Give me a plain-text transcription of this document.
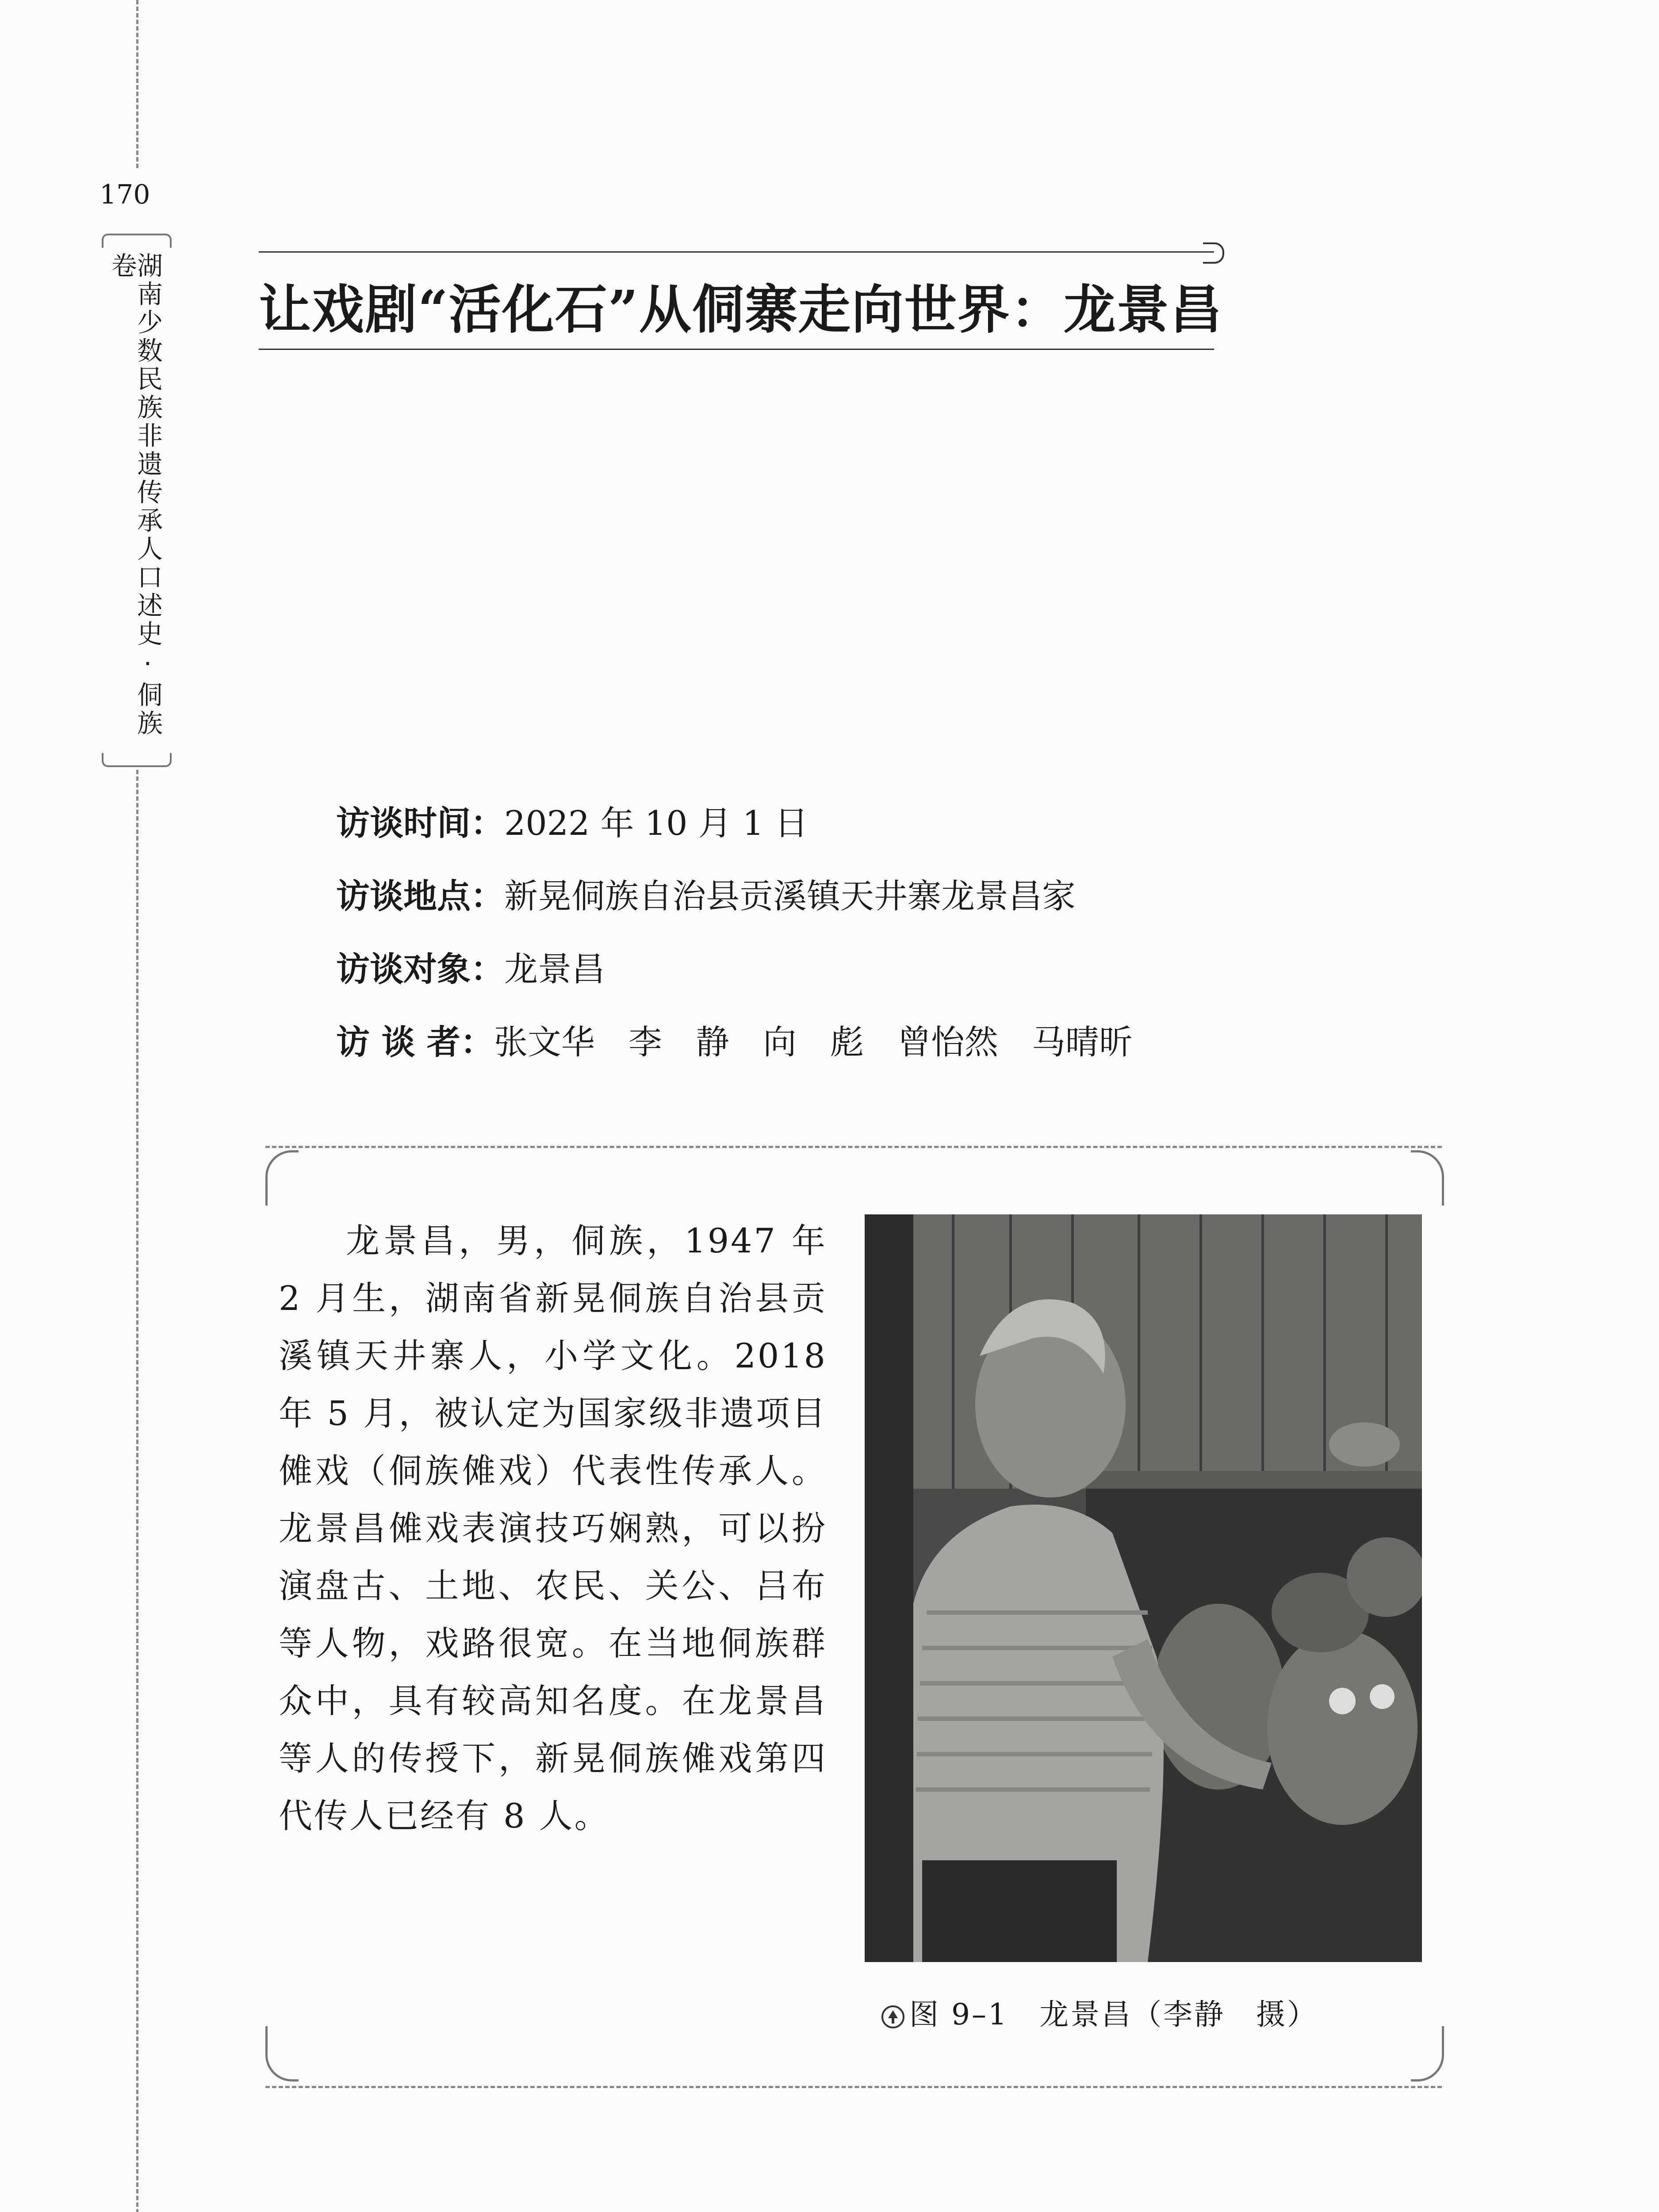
170
湖南少数民族非遗传承人口述史·侗族卷
让戏剧“活化石”从侗寨走向世界：龙景昌
访谈时间：2022 年 10 月 1 日
访谈地点：新晃侗族自治县贡溪镇天井寨龙景昌家
访谈对象：龙景昌
访 谈 者：张文华　李　静　向　彪　曾怡然　马晴昕
龙景昌，男，侗族，1947 年 2 月生，湖南省新晃侗族自治县贡溪镇天井寨人，小学文化。2018 年 5 月，被认定为国家级非遗项目傩戏（侗族傩戏）代表性传承人。龙景昌傩戏表演技巧娴熟，可以扮演盘古、土地、农民、关公、吕布等人物，戏路很宽。在当地侗族群众中，具有较高知名度。在龙景昌等人的传授下，新晃侗族傩戏第四代传人已经有 8 人。
图 9–1　龙景昌（李静　摄）
